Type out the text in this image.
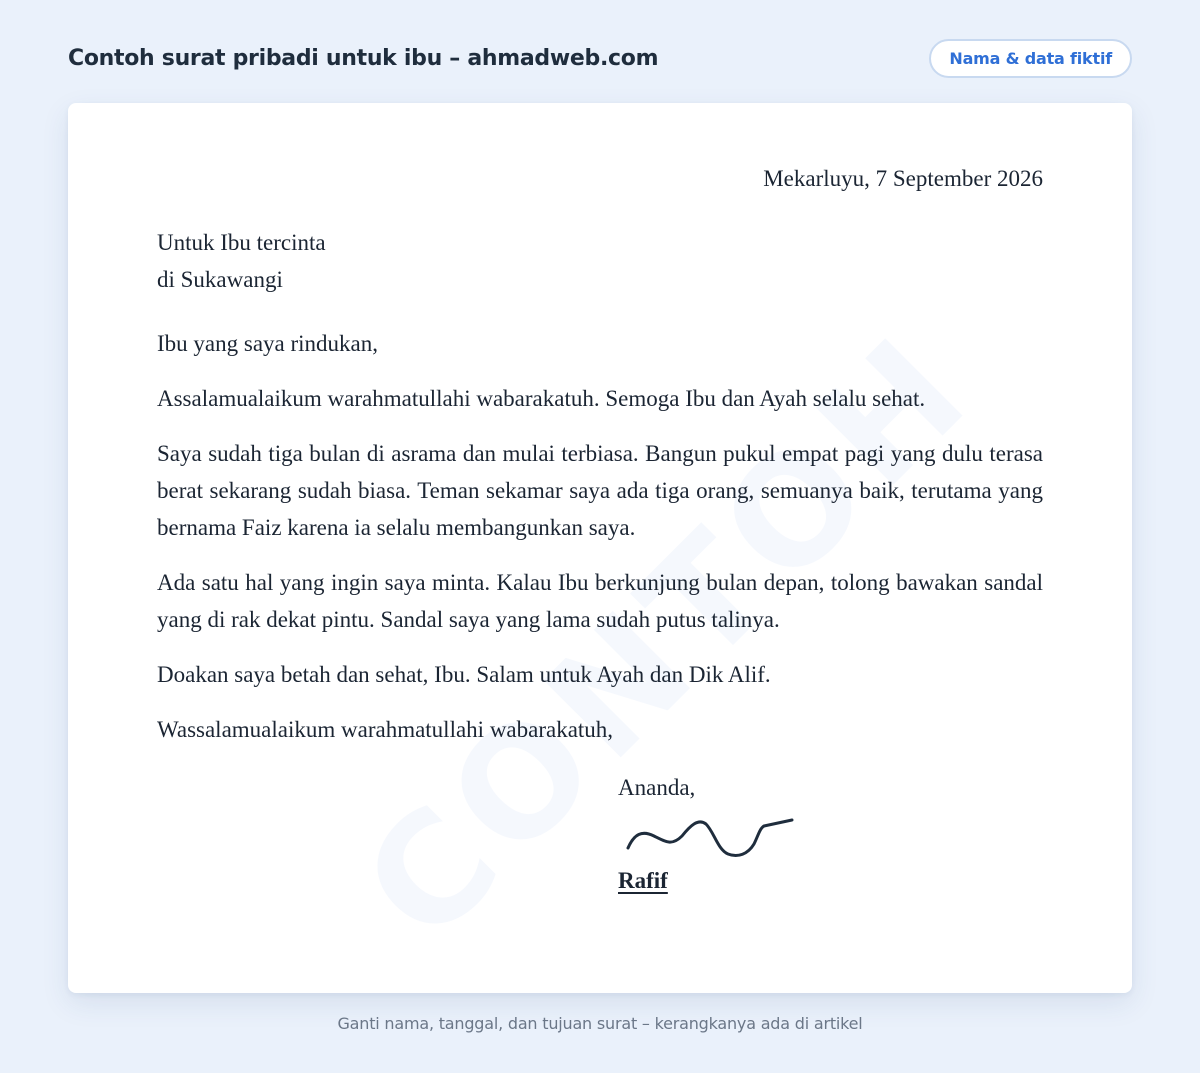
Contoh surat pribadi untuk ibu – ahmadweb.com	Nama & data fiktif

Mekarluyu, 7 September 2026

Untuk Ibu tercinta
di Sukawangi
Ibu yang saya rindukan,

Assalamualaikum warahmatullahi wabarakatuh. Semoga Ibu dan Ayah selalu sehat.

Saya sudah tiga bulan di asrama dan mulai terbiasa. Bangun pukul empat pagi yang dulu terasa berat sekarang sudah biasa. Teman sekamar saya ada tiga orang, semuanya baik, terutama yang bernama Faiz karena ia selalu membangunkan saya.

Ada satu hal yang ingin saya minta. Kalau Ibu berkunjung bulan depan, tolong bawakan sandal yang di rak dekat pintu. Sandal saya yang lama sudah putus talinya.

Doakan saya betah dan sehat, Ibu. Salam untuk Ayah dan Dik Alif.

Wassalamualaikum warahmatullahi wabarakatuh,
Ananda,
Rafif
Ganti nama, tanggal, dan tujuan surat – kerangkanya ada di artikel
